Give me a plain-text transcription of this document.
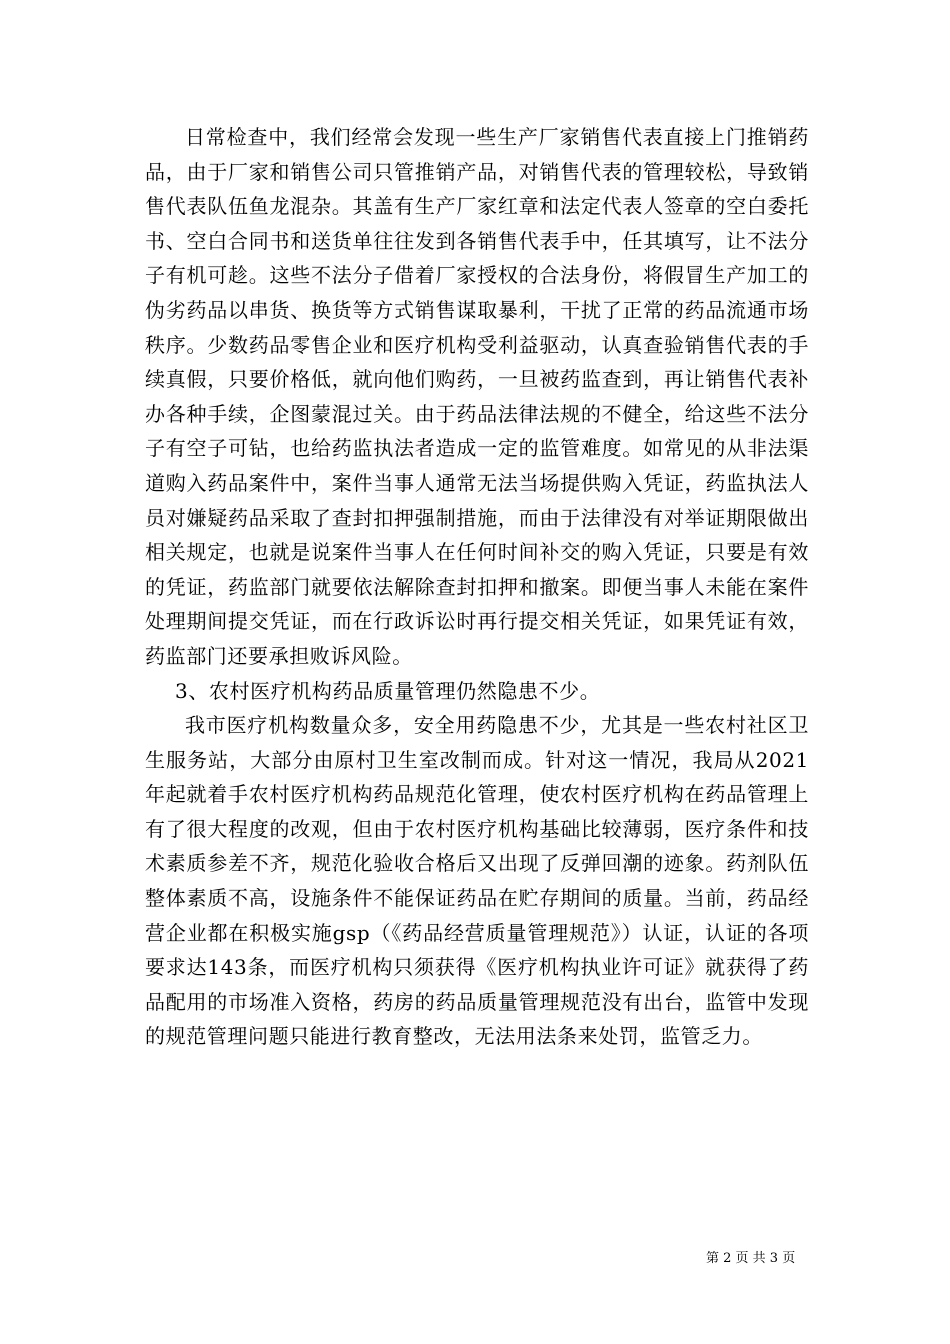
日常检查中，我们经常会发现一些生产厂家销售代表直接上门推销药品，由于厂家和销售公司只管推销产品，对销售代表的管理较松，导致销售代表队伍鱼龙混杂。其盖有生产厂家红章和法定代表人签章的空白委托书、空白合同书和送货单往往发到各销售代表手中，任其填写，让不法分子有机可趁。这些不法分子借着厂家授权的合法身份，将假冒生产加工的伪劣药品以串货、换货等方式销售谋取暴利，干扰了正常的药品流通市场秩序。少数药品零售企业和医疗机构受利益驱动，认真查验销售代表的手续真假，只要价格低，就向他们购药，一旦被药监查到，再让销售代表补办各种手续，企图蒙混过关。由于药品法律法规的不健全，给这些不法分子有空子可钻，也给药监执法者造成一定的监管难度。如常见的从非法渠道购入药品案件中，案件当事人通常无法当场提供购入凭证，药监执法人员对嫌疑药品采取了查封扣押强制措施，而由于法律没有对举证期限做出相关规定，也就是说案件当事人在任何时间补交的购入凭证，只要是有效的凭证，药监部门就要依法解除查封扣押和撤案。即便当事人未能在案件处理期间提交凭证，而在行政诉讼时再行提交相关凭证，如果凭证有效，药监部门还要承担败诉风险。

3、农村医疗机构药品质量管理仍然隐患不少。

我市医疗机构数量众多，安全用药隐患不少，尤其是一些农村社区卫生服务站，大部分由原村卫生室改制而成。针对这一情况，我局从2021年起就着手农村医疗机构药品规范化管理，使农村医疗机构在药品管理上有了很大程度的改观，但由于农村医疗机构基础比较薄弱，医疗条件和技术素质参差不齐，规范化验收合格后又出现了反弹回潮的迹象。药剂队伍整体素质不高，设施条件不能保证药品在贮存期间的质量。当前，药品经营企业都在积极实施gsp（《药品经营质量管理规范》）认证，认证的各项要求达143条，而医疗机构只须获得《医疗机构执业许可证》就获得了药品配用的市场准入资格，药房的药品质量管理规范没有出台，监管中发现的规范管理问题只能进行教育整改，无法用法条来处罚，监管乏力。

第 2 页 共 3 页
